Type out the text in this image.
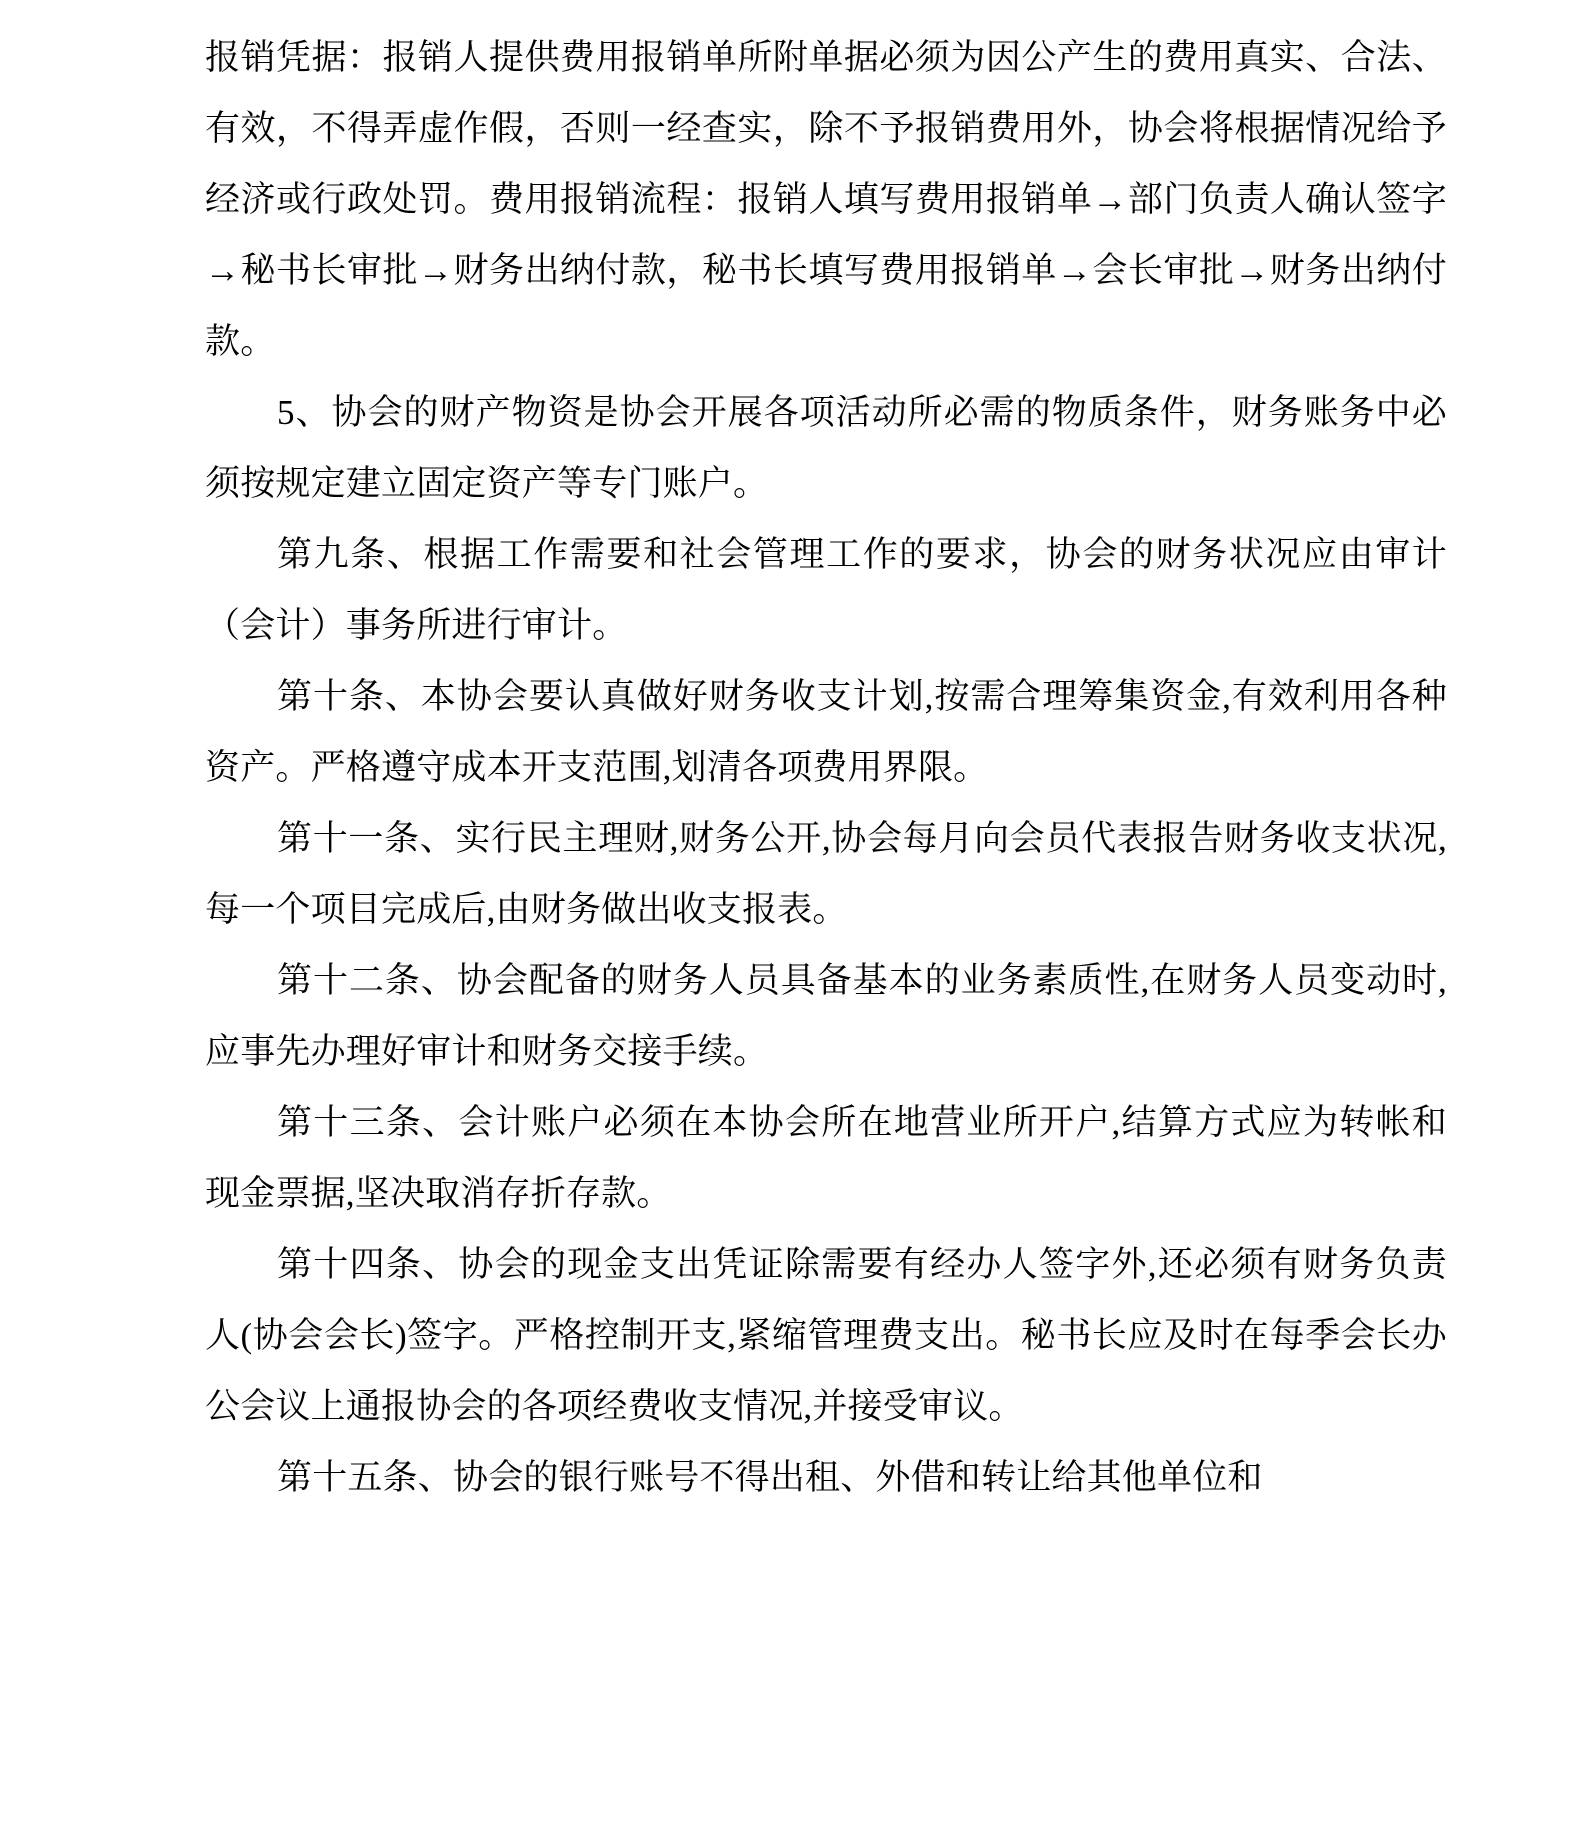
报销凭据：报销人提供费用报销单所附单据必须为因公产生的费用真实、合法、有效，不得弄虚作假，否则一经查实，除不予报销费用外，协会将根据情况给予经济或行政处罚。费用报销流程：报销人填写费用报销单→部门负责人确认签字→秘书长审批→财务出纳付款，秘书长填写费用报销单→会长审批→财务出纳付款。

5、协会的财产物资是协会开展各项活动所必需的物质条件，财务账务中必须按规定建立固定资产等专门账户。

第九条、根据工作需要和社会管理工作的要求，协会的财务状况应由审计（会计）事务所进行审计。

第十条、本协会要认真做好财务收支计划,按需合理筹集资金,有效利用各种资产。严格遵守成本开支范围,划清各项费用界限。

第十一条、实行民主理财,财务公开,协会每月向会员代表报告财务收支状况,每一个项目完成后,由财务做出收支报表。

第十二条、协会配备的财务人员具备基本的业务素质性,在财务人员变动时,应事先办理好审计和财务交接手续。

第十三条、会计账户必须在本协会所在地营业所开户,结算方式应为转帐和现金票据,坚决取消存折存款。

第十四条、协会的现金支出凭证除需要有经办人签字外,还必须有财务负责人(协会会长)签字。严格控制开支,紧缩管理费支出。秘书长应及时在每季会长办公会议上通报协会的各项经费收支情况,并接受审议。

第十五条、协会的银行账号不得出租、外借和转让给其他单位和
